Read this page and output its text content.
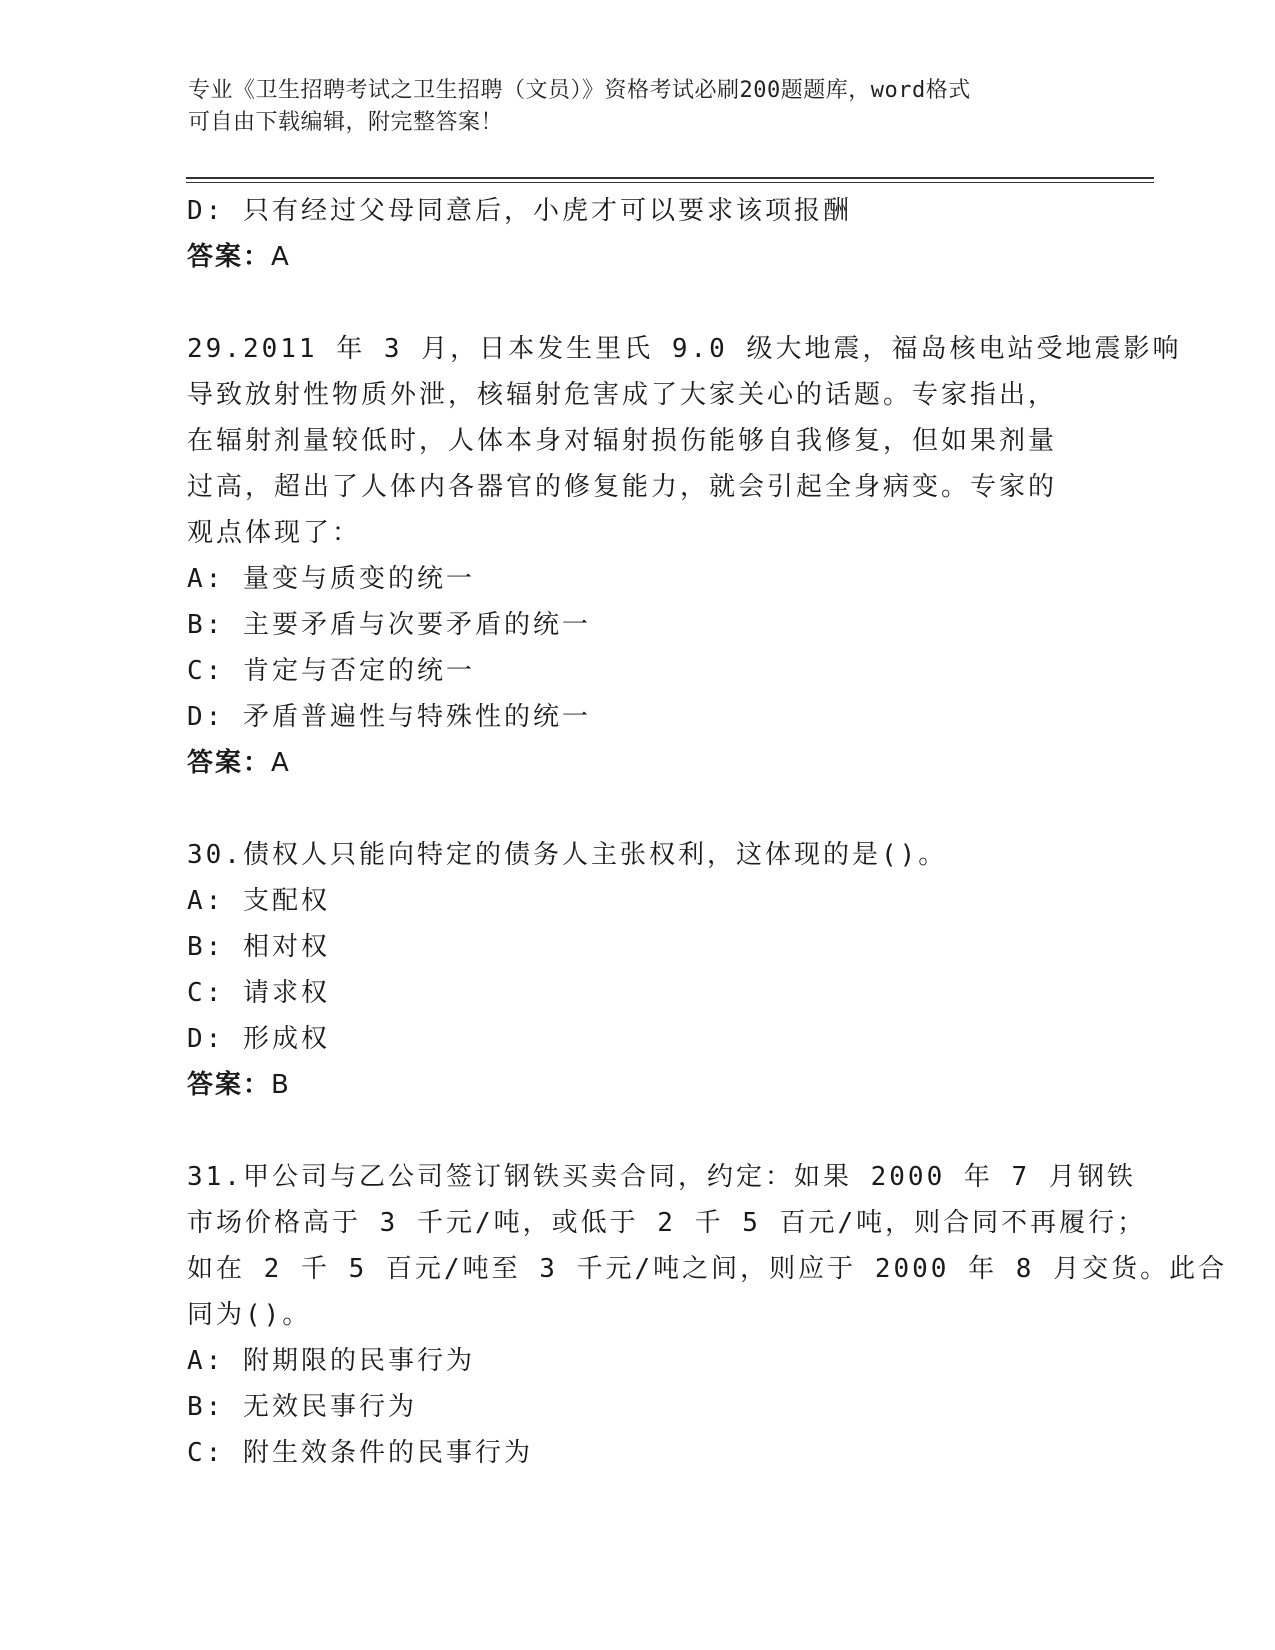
专业《卫生招聘考试之卫生招聘（文员）》资格考试必刷200题题库，word格式
可自由下载编辑，附完整答案！
D: 只有经过父母同意后，小虎才可以要求该项报酬
答案：A
29.2011 年 3 月，日本发生里氏 9.0 级大地震，福岛核电站受地震影响
导致放射性物质外泄，核辐射危害成了大家关心的话题。专家指出，
在辐射剂量较低时，人体本身对辐射损伤能够自我修复，但如果剂量
过高，超出了人体内各器官的修复能力，就会引起全身病变。专家的
观点体现了：
A: 量变与质变的统一
B: 主要矛盾与次要矛盾的统一
C: 肯定与否定的统一
D: 矛盾普遍性与特殊性的统一
答案：A
30.债权人只能向特定的债务人主张权利，这体现的是()。
A: 支配权
B: 相对权
C: 请求权
D: 形成权
答案：B
31.甲公司与乙公司签订钢铁买卖合同，约定：如果 2000 年 7 月钢铁
市场价格高于 3 千元/吨，或低于 2 千 5 百元/吨，则合同不再履行；
如在 2 千 5 百元/吨至 3 千元/吨之间，则应于 2000 年 8 月交货。此合
同为()。
A: 附期限的民事行为
B: 无效民事行为
C: 附生效条件的民事行为
